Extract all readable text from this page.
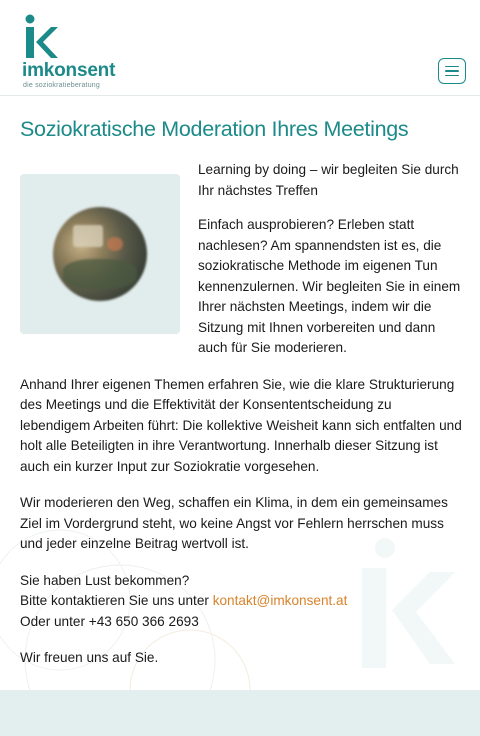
imkonsent
die soziokratieberatung
Soziokratische Moderation Ihres Meetings

Learning by doing – wir begleiten Sie durch Ihr nächstes Treffen

Einfach ausprobieren? Erleben statt nachlesen? Am spannendsten ist es, die soziokratische Methode im eigenen Tun kennenzulernen. Wir begleiten Sie in einem Ihrer nächsten Meetings, indem wir die Sitzung mit Ihnen vorbereiten und dann auch für Sie moderieren.

Anhand Ihrer eigenen Themen erfahren Sie, wie die klare Strukturierung des Meetings und die Effektivität der Konsententscheidung zu lebendigem Arbeiten führt: Die kollektive Weisheit kann sich entfalten und holt alle Beteiligten in ihre Verantwortung. Innerhalb dieser Sitzung ist auch ein kurzer Input zur Soziokratie vorgesehen.

Wir moderieren den Weg, schaffen ein Klima, in dem ein gemeinsames Ziel im Vordergrund steht, wo keine Angst vor Fehlern herrschen muss und jeder einzelne Beitrag wertvoll ist.

Sie haben Lust bekommen?
Bitte kontaktieren Sie uns unter kontakt@imkonsent.at
Oder unter +43 650 366 2693

Wir freuen uns auf Sie.
